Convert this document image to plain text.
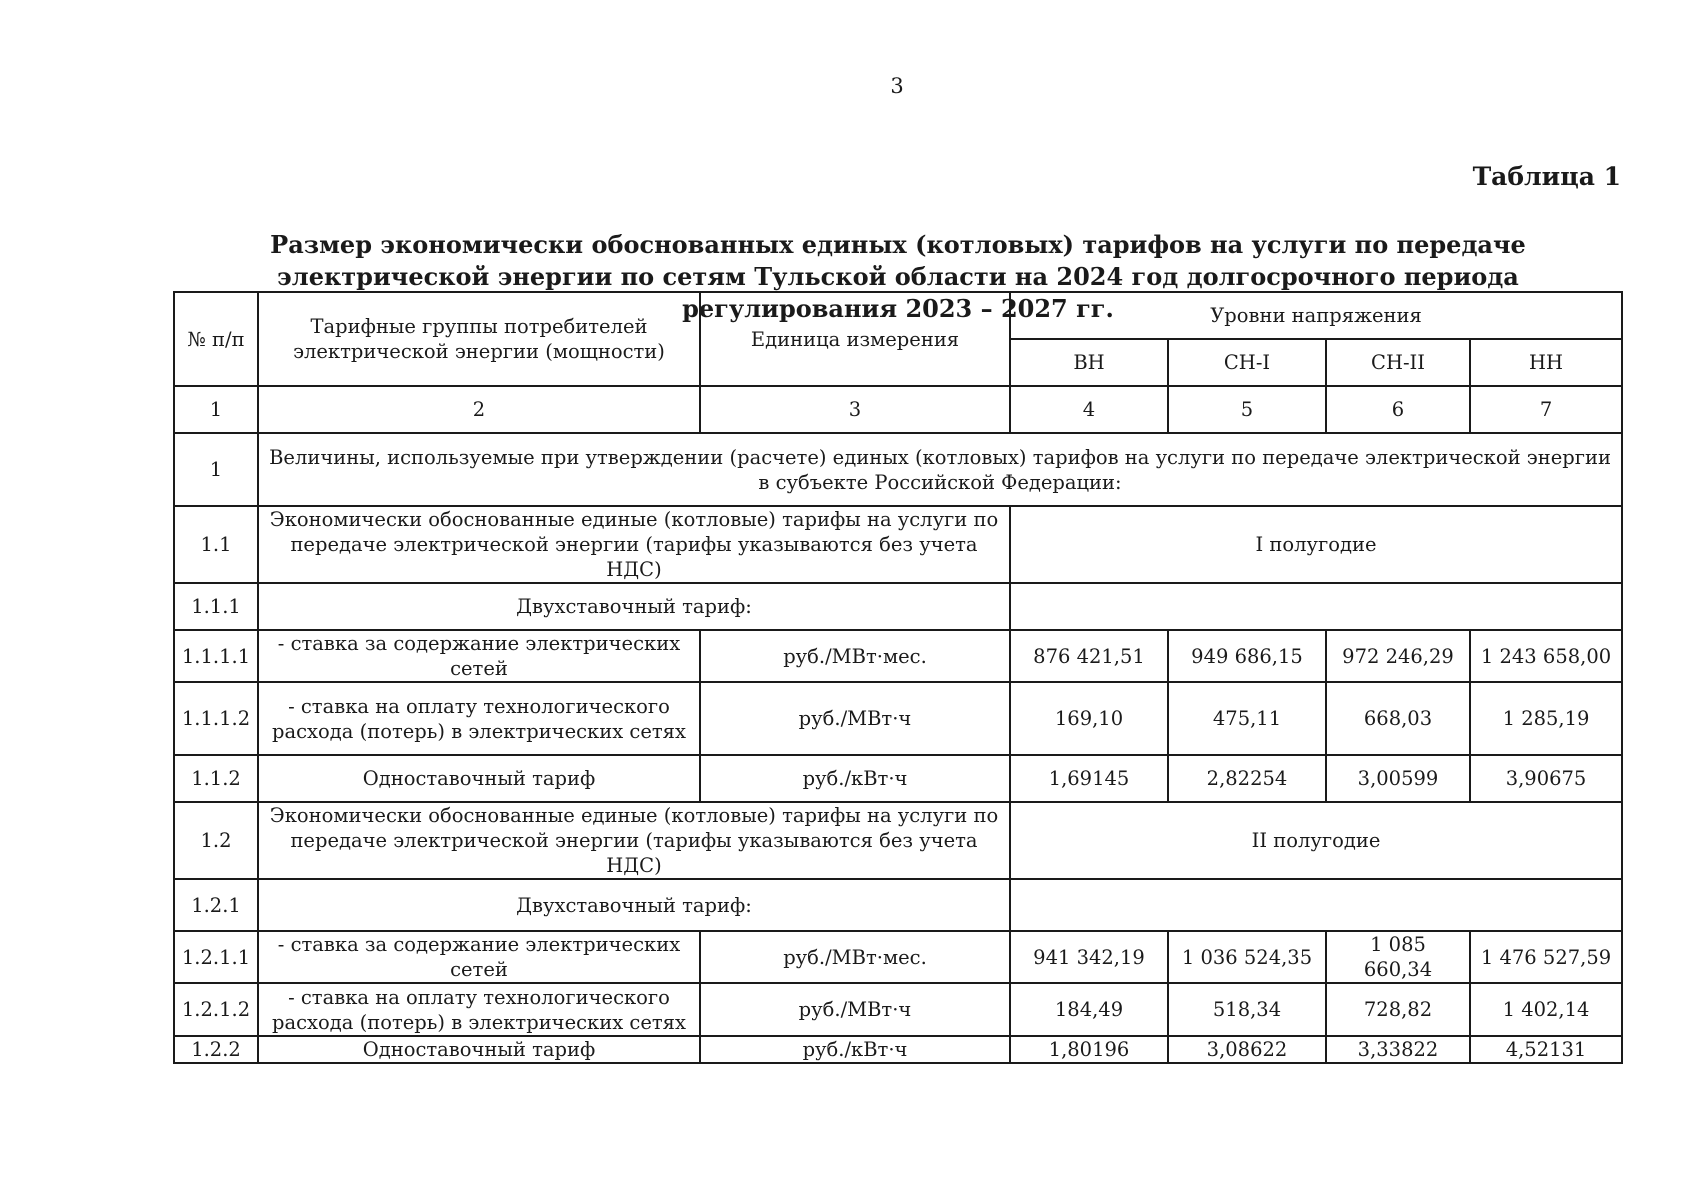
3
Таблица 1
Размер экономически обоснованных единых (котловых) тарифов на услуги по передаче электрической энергии по сетям Тульской области на 2024 год долгосрочного периода регулирования 2023 – 2027 гг.
№ п/п	Тарифные группы потребителей электрической энергии (мощности)	Единица измерения	Уровни напряжения			
			ВН	СН-I	СН-II	НН
1	2	3	4	5	6	7
1	Величины, используемые при утверждении (расчете) единых (котловых) тарифов на услуги по передаче электрической энергии в субъекте Российской Федерации:					
1.1	Экономически обоснованные единые (котловые) тарифы на услуги по передаче электрической энергии (тарифы указываются без учета НДС)		I полугодие			
1.1.1	Двухставочный тариф:					
1.1.1.1	- ставка за содержание электрических сетей	руб./МВт·мес.	876 421,51	949 686,15	972 246,29	1 243 658,00
1.1.1.2	- ставка на оплату технологического расхода (потерь) в электрических сетях	руб./МВт·ч	169,10	475,11	668,03	1 285,19
1.1.2	Одноставочный тариф	руб./кВт·ч	1,69145	2,82254	3,00599	3,90675
1.2	Экономически обоснованные единые (котловые) тарифы на услуги по передаче электрической энергии (тарифы указываются без учета НДС)		II полугодие			
1.2.1	Двухставочный тариф:					
1.2.1.1	- ставка за содержание электрических сетей	руб./МВт·мес.	941 342,19	1 036 524,35	1 085 660,34	1 476 527,59
1.2.1.2	- ставка на оплату технологического расхода (потерь) в электрических сетях	руб./МВт·ч	184,49	518,34	728,82	1 402,14
1.2.2	Одноставочный тариф	руб./кВт·ч	1,80196	3,08622	3,33822	4,52131
